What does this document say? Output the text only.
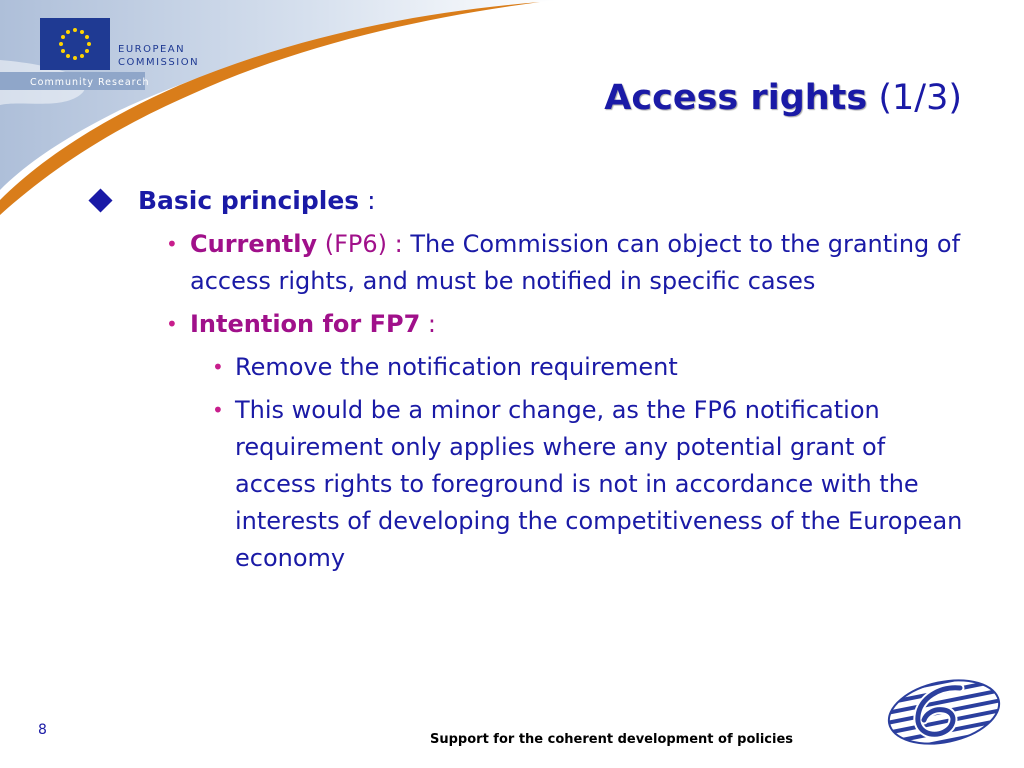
EUROPEAN
COMMISSION
Community Research	Access rights (1/3)
Basic principles :
• Currently (FP6) : The Commission can object to the granting of access rights, and must be notified in specific cases
• Intention for FP7 :
• Remove the notification requirement
• This would be a minor change, as the FP6 notification requirement only applies where any potential grant of access rights to foreground is not in accordance with the interests of developing the competitiveness of the European economy
8
Support for the coherent development of policies
